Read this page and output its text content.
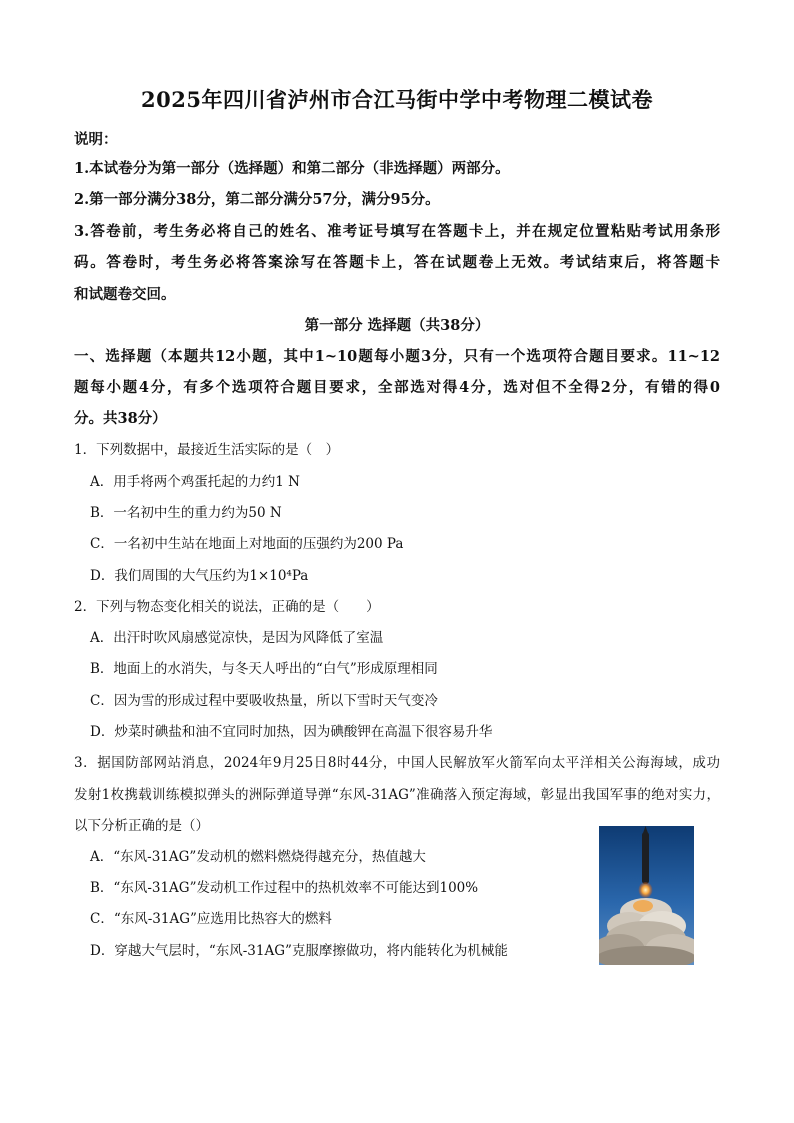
2025年四川省泸州市合江马街中学中考物理二模试卷
说明：
1.本试卷分为第一部分（选择题）和第二部分（非选择题）两部分。
2.第一部分满分38分，第二部分满分57分，满分95分。
3.答卷前，考生务必将自己的姓名、准考证号填写在答题卡上，并在规定位置粘贴考试用条形
码。答卷时，考生务必将答案涂写在答题卡上，答在试题卷上无效。考试结束后，将答题卡
和试题卷交回。
第一部分 选择题（共38分）
一、选择题（本题共12小题，其中1~10题每小题3分，只有一个选项符合题目要求。11~12
题每小题4分，有多个选项符合题目要求，全部选对得4分，选对但不全得2分，有错的得0
分。共38分）
1．下列数据中，最接近生活实际的是（　）
A．用手将两个鸡蛋托起的力约1 N
B．一名初中生的重力约为50 N
C．一名初中生站在地面上对地面的压强约为200 Pa
D．我们周围的大气压约为1×10⁴Pa
2．下列与物态变化相关的说法，正确的是（　　）
A．出汗时吹风扇感觉凉快，是因为风降低了室温
B．地面上的水消失，与冬天人呼出的“白气”形成原理相同
C．因为雪的形成过程中要吸收热量，所以下雪时天气变冷
D．炒菜时碘盐和油不宜同时加热，因为碘酸钾在高温下很容易升华
3．据国防部网站消息，2024年9月25日8时44分，中国人民解放军火箭军向太平洋相关公海海域，成功
发射1枚携载训练模拟弹头的洲际弹道导弹“东风-31AG”准确落入预定海域，彰显出我国军事的绝对实力，
以下分析正确的是（）
A．“东风-31AG”发动机的燃料燃烧得越充分，热值越大
B．“东风-31AG”发动机工作过程中的热机效率不可能达到100%
C．“东风-31AG”应选用比热容大的燃料
D．穿越大气层时，“东风-31AG”克服摩擦做功，将内能转化为机械能
